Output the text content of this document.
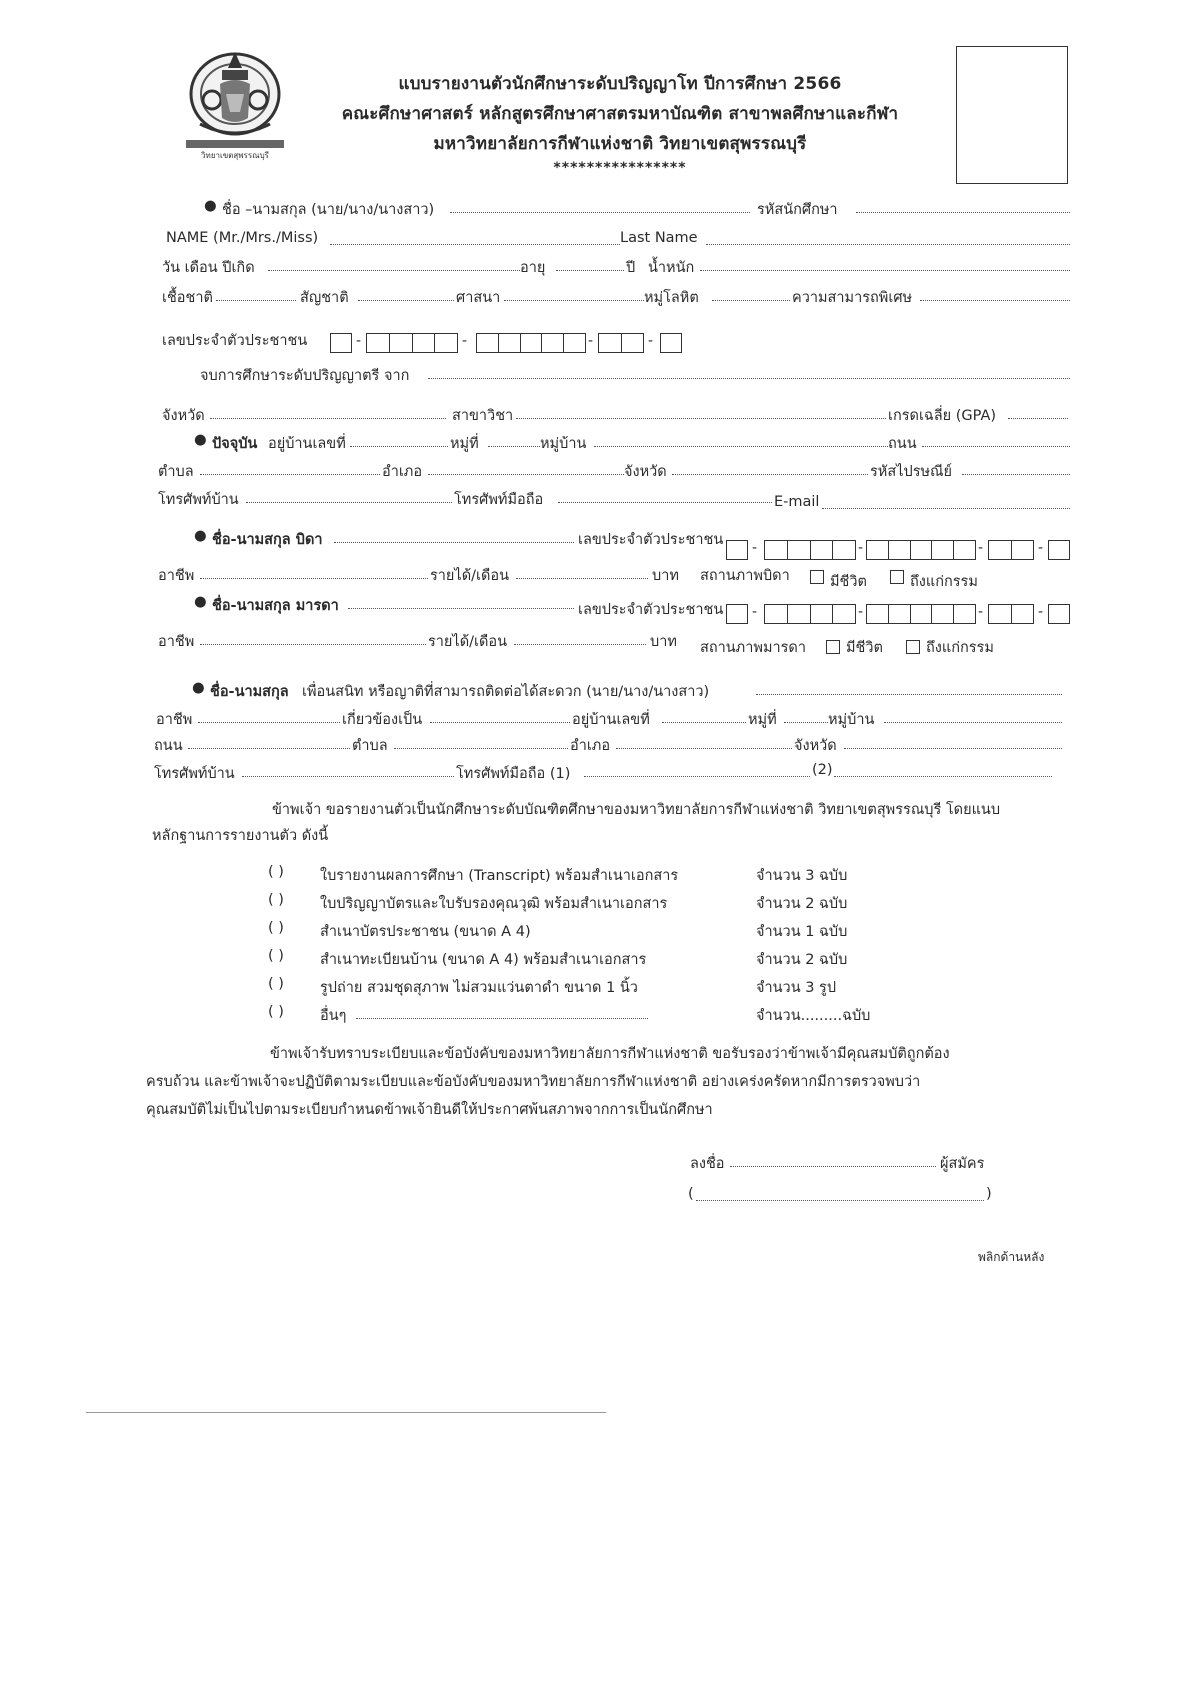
วิทยาเขตสุพรรณบุรี
แบบรายงานตัวนักศึกษาระดับปริญญาโท ปีการศึกษา 2566
คณะศึกษาศาสตร์ หลักสูตรศึกษาศาสตรมหาบัณฑิต สาขาพลศึกษาและกีฬา
มหาวิทยาลัยการกีฬาแห่งชาติ วิทยาเขตสุพรรณบุรี
****************
● ชื่อ –นามสกุล (นาย/นาง/นางสาว)	รหัสนักศึกษา
NAME (Mr./Mrs./Miss)	Last Name
วัน เดือน ปีเกิด	อายุ	ปี น้ำหนัก
เชื้อชาติ	สัญชาติ	ศาสนา	หมู่โลหิต	ความสามารถพิเศษ
เลขประจำตัวประชาชน	-	-	-	-
จบการศึกษาระดับปริญญาตรี จาก
จังหวัด	สาขาวิชา	เกรดเฉลี่ย (GPA)
● ปัจจุบัน อยู่บ้านเลขที่	หมู่ที่	หมู่บ้าน	ถนน
ตำบล	อำเภอ	จังหวัด	รหัสไปรษณีย์
โทรศัพท์บ้าน	โทรศัพท์มือถือ	E-mail
● ชื่อ-นามสกุล บิดา	เลขประจำตัวประชาชน -	-	-	-
อาชีพ	รายได้/เดือน	บาท สถานภาพบิดา	มีชีวิต	ถึงแก่กรรม
● ชื่อ-นามสกุล มารดา	เลขประจำตัวประชาชน -	-	-	-
อาชีพ	รายได้/เดือน	บาท สถานภาพมารดา	มีชีวิต	ถึงแก่กรรม
● ชื่อ-นามสกุล เพื่อนสนิท หรือญาติที่สามารถติดต่อได้สะดวก (นาย/นาง/นางสาว)
อาชีพ	เกี่ยวข้องเป็น	อยู่บ้านเลขที่	หมู่ที่	หมู่บ้าน
ถนน	ตำบล	อำเภอ	จังหวัด
โทรศัพท์บ้าน	โทรศัพท์มือถือ (1)	(2)
ข้าพเจ้า ขอรายงานตัวเป็นนักศึกษาระดับบัณฑิตศึกษาของมหาวิทยาลัยการกีฬาแห่งชาติ วิทยาเขตสุพรรณบุรี โดยแนบ
หลักฐานการรายงานตัว ดังนี้
( ) ใบรายงานผลการศึกษา (Transcript) พร้อมสำเนาเอกสาร	จำนวน 3 ฉบับ
( ) ใบปริญญาบัตรและใบรับรองคุณวุฒิ พร้อมสำเนาเอกสาร	จำนวน 2 ฉบับ
( ) สำเนาบัตรประชาชน (ขนาด A 4)	จำนวน 1 ฉบับ
( ) สำเนาทะเบียนบ้าน (ขนาด A 4) พร้อมสำเนาเอกสาร	จำนวน 2 ฉบับ
( ) รูปถ่าย สวมชุดสุภาพ ไม่สวมแว่นตาดำ ขนาด 1 นิ้ว	จำนวน 3 รูป
( ) อื่นๆ	จำนวน.........ฉบับ
ข้าพเจ้ารับทราบระเบียบและข้อบังคับของมหาวิทยาลัยการกีฬาแห่งชาติ ขอรับรองว่าข้าพเจ้ามีคุณสมบัติถูกต้อง
ครบถ้วน และข้าพเจ้าจะปฏิบัติตามระเบียบและข้อบังคับของมหาวิทยาลัยการกีฬาแห่งชาติ อย่างเคร่งครัดหากมีการตรวจพบว่า
คุณสมบัติไม่เป็นไปตามระเบียบกำหนดข้าพเจ้ายินดีให้ประกาศพ้นสภาพจากการเป็นนักศึกษา
ลงชื่อ	ผู้สมัคร
(	)
พลิกด้านหลัง
